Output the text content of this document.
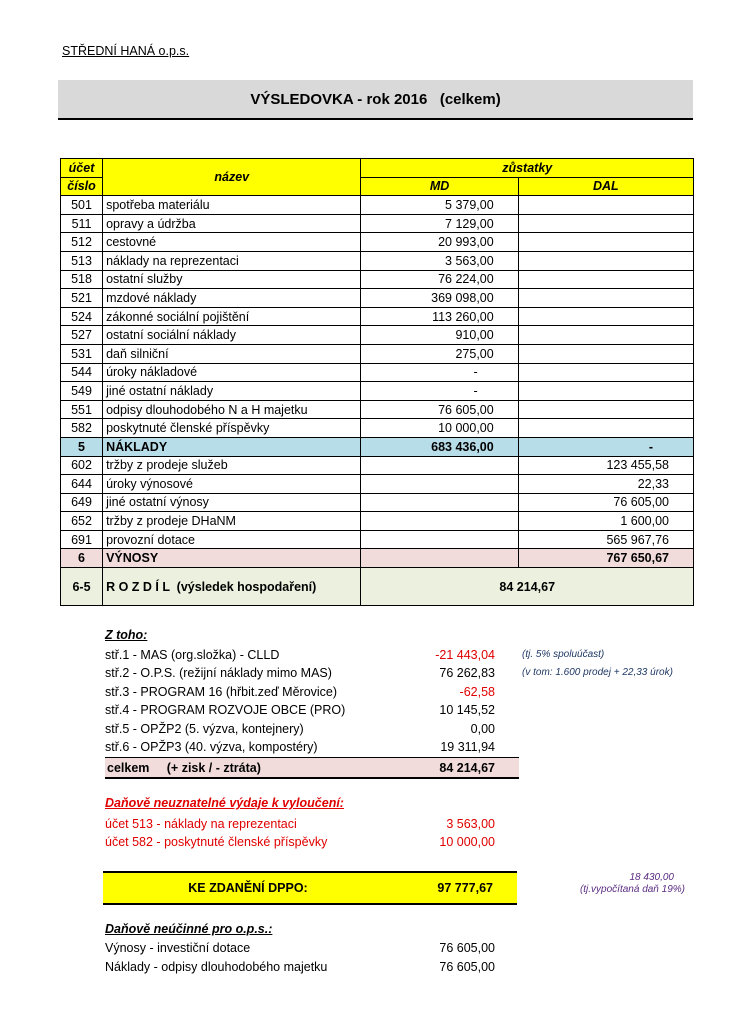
STŘEDNÍ HANÁ o.p.s.
VÝSLEDOVKA - rok 2016   (celkem)
účet	název	zůstatky	
číslo		MD	DAL
501	spotřeba materiálu	5 379,00	
511	opravy a údržba	7 129,00	
512	cestovné	20 993,00	
513	náklady na reprezentaci	3 563,00	
518	ostatní služby	76 224,00	
521	mzdové náklady	369 098,00	
524	zákonné sociální pojištění	113 260,00	
527	ostatní sociální náklady	910,00	
531	daň silniční	275,00	
544	úroky nákladové	-	
549	jiné ostatní náklady	-	
551	odpisy dlouhodobého N a H majetku	76 605,00	
582	poskytnuté členské příspěvky	10 000,00	
5	NÁKLADY	683 436,00	-
602	tržby z prodeje služeb		123 455,58
644	úroky výnosové		22,33
649	jiné ostatní výnosy		76 605,00
652	tržby z prodeje DHaNM		1 600,00
691	provozní dotace		565 967,76
6	VÝNOSY		767 650,67
6-5	R O Z D Í L  (výsledek hospodaření)	84 214,67	
Z toho:
stř.1 - MAS (org.složka) - CLLD	-21 443,04	(tj. 5% spoluúčast)
stř.2 - O.P.S. (režijní náklady mimo MAS)	76 262,83	(v tom: 1.600 prodej + 22,33 úrok)
stř.3 - PROGRAM 16 (hřbit.zeď Měrovice)	-62,58
stř.4 - PROGRAM ROZVOJE OBCE (PRO)	10 145,52
stř.5 - OPŽP2 (5. výzva, kontejnery)	0,00
stř.6 - OPŽP3 (40. výzva, kompostéry)	19 311,94
celkem     (+ zisk / - ztráta)	84 214,67
Daňově neuznatelné výdaje k vyloučení:
účet 513 - náklady na reprezentaci	3 563,00
účet 582 - poskytnuté členské příspěvky	10 000,00
KE ZDANĚNÍ DPPO:	97 777,67
18 430,00
(tj.vypočítaná daň 19%)
Daňově neúčinné pro o.p.s.:
Výnosy - investiční dotace	76 605,00
Náklady - odpisy dlouhodobého majetku	76 605,00
